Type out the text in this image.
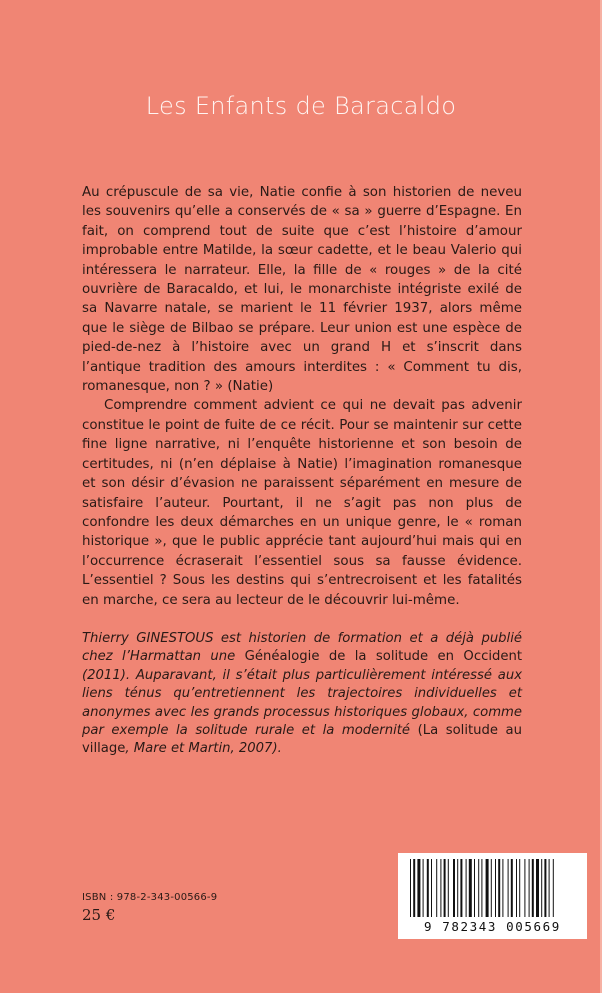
Les Enfants de Baracaldo

Au crépuscule de sa vie, Natie confie à son historien de neveu les souvenirs qu’elle a conservés de « sa » guerre d’Espagne. En fait, on comprend tout de suite que c’est l’histoire d’amour improbable entre Matilde, la sœur cadette, et le beau Valerio qui intéressera le narrateur. Elle, la fille de « rouges » de la cité ouvrière de Baracaldo, et lui, le monarchiste intégriste exilé de sa Navarre natale, se marient le 11 février 1937, alors même que le siège de Bilbao se prépare. Leur union est une espèce de pied-de-nez à l’histoire avec un grand H et s’inscrit dans l’antique tradition des amours interdites : « Comment tu dis, romanesque, non ? » (Natie)

Comprendre comment advient ce qui ne devait pas advenir constitue le point de fuite de ce récit. Pour se maintenir sur cette fine ligne narrative, ni l’enquête historienne et son besoin de certitudes, ni (n’en déplaise à Natie) l’imagination romanesque et son désir d’évasion ne paraissent séparément en mesure de satisfaire l’auteur. Pourtant, il ne s’agit pas non plus de confondre les deux démarches en un unique genre, le « roman historique », que le public apprécie tant aujourd’hui mais qui en l’occurrence écraserait l’essentiel sous sa fausse évidence. L’essentiel ? Sous les destins qui s’entrecroisent et les fatalités en marche, ce sera au lecteur de le découvrir lui-même.

Thierry GINESTOUS est historien de formation et a déjà publié chez l’Harmattan une Généalogie de la solitude en Occident (2011). Auparavant, il s’était plus particulièrement intéressé aux liens ténus qu’entretiennent les trajectoires individuelles et anonymes avec les grands processus historiques globaux, comme par exemple la solitude rurale et la modernité (La solitude au village, Mare et Martin, 2007).
ISBN : 978-2-343-00566-9
25 €
9 782343 005669
